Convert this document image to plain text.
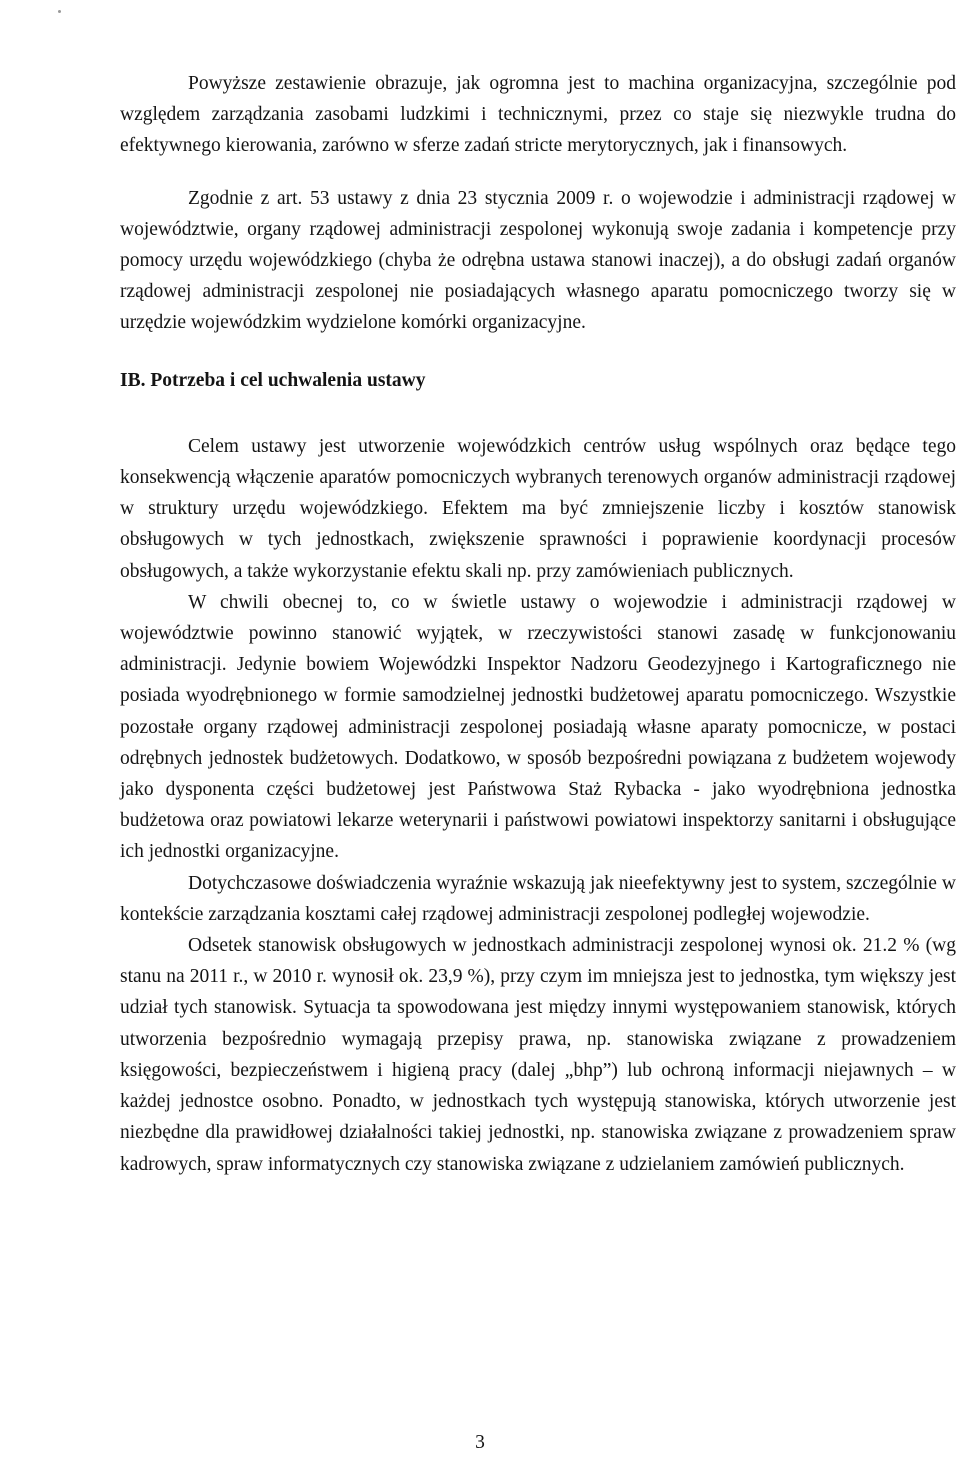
Powyższe zestawienie obrazuje, jak ogromna jest to machina organizacyjna, szczególnie pod względem zarządzania zasobami ludzkimi i technicznymi, przez co staje się niezwykle trudna do efektywnego kierowania, zarówno w sferze zadań stricte merytorycznych, jak i finansowych.

Zgodnie z art. 53 ustawy z dnia 23 stycznia 2009 r. o wojewodzie i administracji rządowej w województwie, organy rządowej administracji zespolonej wykonują swoje zadania i kompetencje przy pomocy urzędu wojewódzkiego (chyba że odrębna ustawa stanowi inaczej), a do obsługi zadań organów rządowej administracji zespolonej nie posiadających własnego aparatu pomocniczego tworzy się w urzędzie wojewódzkim wydzielone komórki organizacyjne.

IB. Potrzeba i cel uchwalenia ustawy

Celem ustawy jest utworzenie wojewódzkich centrów usług wspólnych oraz będące tego konsekwencją włączenie aparatów pomocniczych wybranych terenowych organów administracji rządowej w struktury urzędu wojewódzkiego. Efektem ma być zmniejszenie liczby i kosztów stanowisk obsługowych w tych jednostkach, zwiększenie sprawności i poprawienie koordynacji procesów obsługowych, a także wykorzystanie efektu skali np. przy zamówieniach publicznych.

W chwili obecnej to, co w świetle ustawy o wojewodzie i administracji rządowej w województwie powinno stanowić wyjątek, w rzeczywistości stanowi zasadę w funkcjonowaniu administracji. Jedynie bowiem Wojewódzki Inspektor Nadzoru Geodezyjnego i Kartograficznego nie posiada wyodrębnionego w formie samodzielnej jednostki budżetowej aparatu pomocniczego. Wszystkie pozostałe organy rządowej administracji zespolonej posiadają własne aparaty pomocnicze, w postaci odrębnych jednostek budżetowych. Dodatkowo, w sposób bezpośredni powiązana z budżetem wojewody jako dysponenta części budżetowej jest Państwowa Staż Rybacka - jako wyodrębniona jednostka budżetowa oraz powiatowi lekarze weterynarii i państwowi powiatowi inspektorzy sanitarni i obsługujące ich jednostki organizacyjne.

Dotychczasowe doświadczenia wyraźnie wskazują jak nieefektywny jest to system, szczególnie w kontekście zarządzania kosztami całej rządowej administracji zespolonej podległej wojewodzie.

Odsetek stanowisk obsługowych w jednostkach administracji zespolonej wynosi ok. 21.2 % (wg stanu na 2011 r., w 2010 r. wynosił ok. 23,9 %), przy czym im mniejsza jest to jednostka, tym większy jest udział tych stanowisk. Sytuacja ta spowodowana jest między innymi występowaniem stanowisk, których utworzenia bezpośrednio wymagają przepisy prawa, np. stanowiska związane z prowadzeniem księgowości, bezpieczeństwem i higieną pracy (dalej „bhp”) lub ochroną informacji niejawnych – w każdej jednostce osobno. Ponadto, w jednostkach tych występują stanowiska, których utworzenie jest niezbędne dla prawidłowej działalności takiej jednostki, np. stanowiska związane z prowadzeniem spraw kadrowych, spraw informatycznych czy stanowiska związane z udzielaniem zamówień publicznych.

3
